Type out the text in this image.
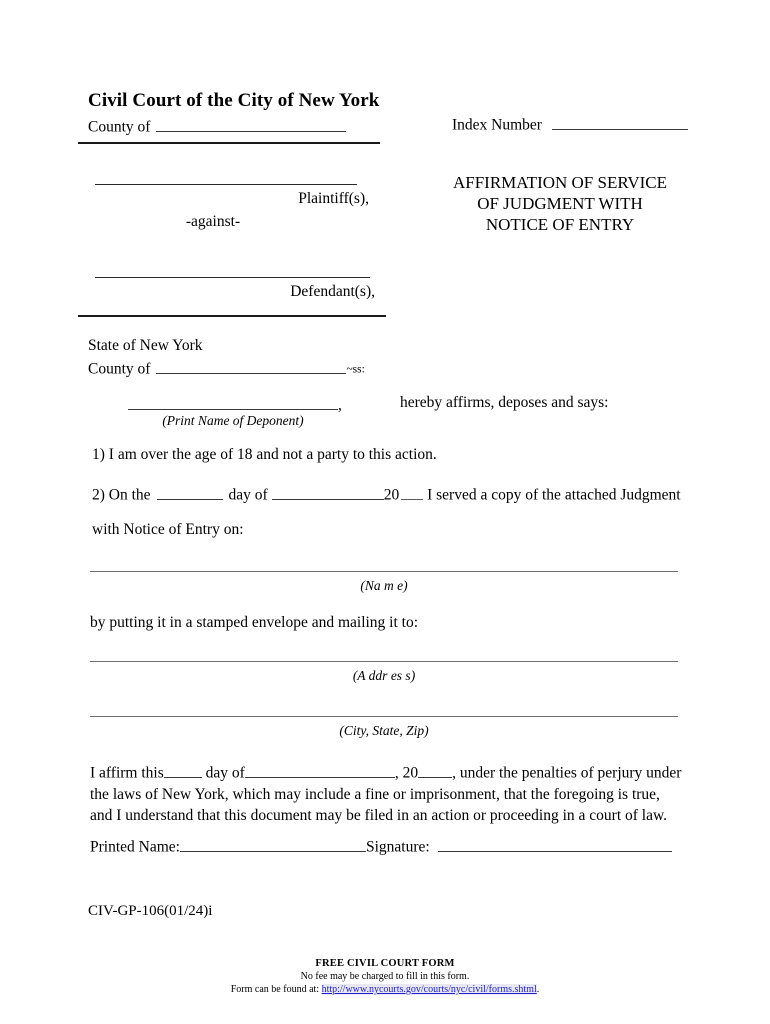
Civil Court of the City of New York
County of	Index Number
Plaintiff(s),
-against-
Defendant(s),
AFFIRMATION OF SERVICE
OF JUDGMENT WITH
NOTICE OF ENTRY
State of New York
County of	~ss:
,
(Print Name of Deponent)
hereby affirms, deposes and says:
1) I am over the age of 18 and not a party to this action.
2) On the	day of	20 I served a copy of the attached Judgment
with Notice of Entry on:
(Na m e)
by putting it in a stamped envelope and mailing it to:
(A ddr es s)
(City, State, Zip)
I affirm this	day of	, 20 , under the penalties of perjury under the laws of New York, which may include a fine or imprisonment, that the foregoing is true, and I understand that this document may be filed in an action or proceeding in a court of law.
Printed Name:	Signature:
CIV-GP-106(01/24)i
FREE CIVIL COURT FORM
No fee may be charged to fill in this form.
Form can be found at: http://www.nycourts.gov/courts/nyc/civil/forms.shtml.
